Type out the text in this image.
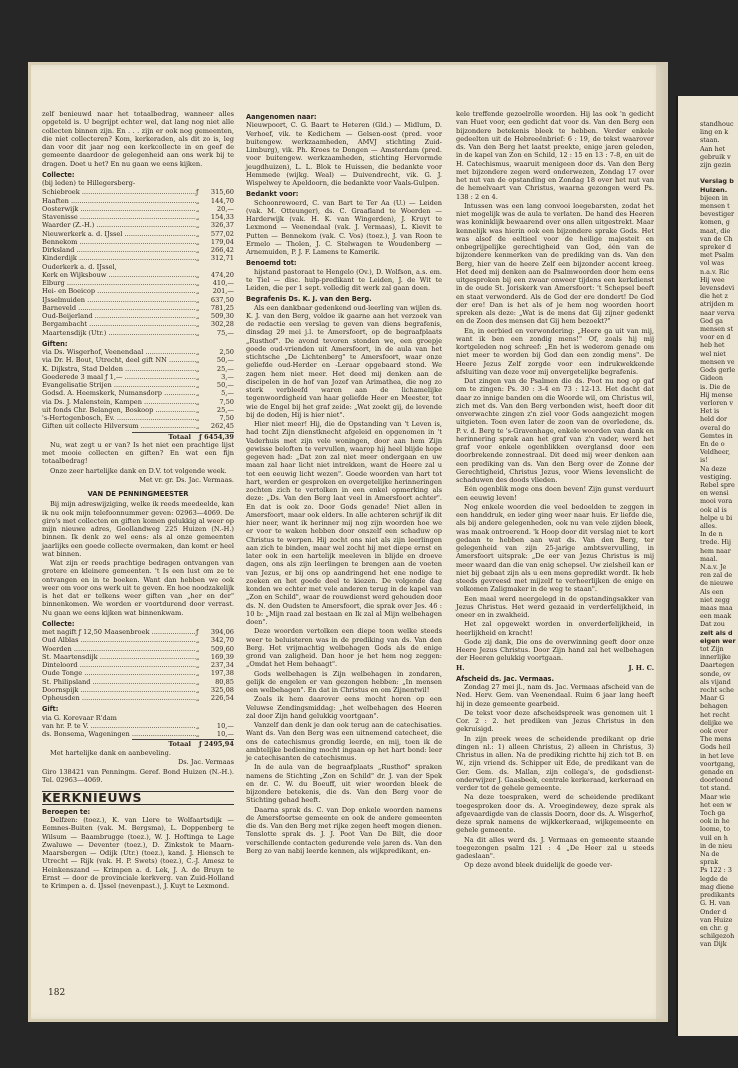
zelf benieuwd naar het totaalbedrag, wanneer alles opgeteld is. U begrijpt echter wel, dat lang nog niet alle collecten binnen zijn. En . . . zijn er ook nog gemeenten, die niet collecteren? Kom, kerkeraden, als dit zo is, leg dan voor dit jaar nog een kerkcollecte in en geef de gemeente daardoor de gelegenheid aan ons werk bij te dragen. Doet u het? En nu gaan we eens kijken.

Collecte:

(bij leden) te Hillegersberg-

Schiebroek .....	ƒ	315,60
Haaften .....	„	144,70
Oosterwijk .....	„	20,—
Stavenisse .....	„	154,33
Waarder (Z.-H.) .....	„	326,37
Nieuwerkerk a. d. IJssel .....	„	577,02
Bennekom .....	„	179,04
Dirksland .....	„	266,42
Kinderdijk .....	„	312,71
Ouderkerk a. d. IJssel,
Kerk en Wijksbouw .....	„	474,20
Elburg .....	„	410,—
Hei- en Boeicop .....	„	201,—
IJsselmuiden .....	„	637,50
Barneveld .....	„	781,25
Oud-Beijerland .....	„	509,30
Bergambacht .....	„	302,28
Maartensdijk (Utr.) .....	„	75,—
Giften:
via Ds. Wisgerhof, Veenendaal .....	„	2,50
via Dr. H. Bout, Utrecht, deel gift NN .....	„	50,—
K. Dijkstra, Stad Delden .....	„	25,—
Goederede 3 maal ƒ 1,— .....	„	3,—
Evangelisatie Strijen .....	„	50,—
Godsd. A. Heemskerk, Numansdorp .....	„	5,—
via Ds. J. Malenstein, Kampen .....	„	7,50
uit fonds Chr. Belangen, Boskoop .....	„	25,—
's-Hertogenbosch, Ev. .....	„	7,50
Giften uit collecte Hilversum .....	„	262,45
Totaal ƒ 6454,39

Nu, wat zegt u er van? Is het niet een prachtige lijst met mooie collecten en giften? En wat een fijn totaalbedrag!

Onze zeer hartelijke dank en D.V. tot volgende week.

Met vr. gr. Ds. Jac. Vermaas.

VAN DE PENNINGMEESTER

Bij mijn adreswijziging, welke ik reeds meedeelde, kan ik nu ook mijn telefoonnummer geven: 02963—4069. De giro's met collecten en giften komen gelukkig al weer op mijn nieuwe adres, Goollandweg 225 Huizen (N.-H.) binnen. Ik denk zo wel eens: als al onze gemeenten jaarlijks een goede collecte overmaken, dan komt er heel wat binnen.

Wat zijn er reeds prachtige bedragen ontvangen van grotere en kleinere gemeenten. 't Is een lust om ze te ontvangen en in te boeken. Want dan hebben we ook weer om voor ons werk uit te geven. En hoe noodzakelijk is het dat er telkens weer giften van „her en der" binnenkomen. We worden er voortdurend door verrast. Nu gaan we eens kijken wat binnenkwam.

Collecte:
met nagift ƒ 12,50 Maasenbroek .....	ƒ	394,06
Oud Alblas .....	„	342,70
Woerden .....	„	509,60
St. Maartensdijk .....	„	169,39
Dinteloord .....	„	237,34
Oude Tonge .....	„	197,38
St. Philipsland .....	„	80,85
Doornspijk .....	„	325,08
Opheusden .....	„	226,54
Gift:
via G. Korevaar R'dam
van hr. P. te V. .....	„	10,—
ds. Bonsema, Wageningen .....	„	10,—
Totaal ƒ 2495,94

Met hartelijke dank en aanbeveling.

Ds. Jac. Vermaas

Giro 138421 van Penningm. Geref. Bond Huizen (N.-H.). Tel. 02963—4069.

KERKNIEUWS
Beroepen te:

Delfzen: (toez.), K. van Llere te Wolfaartsdijk — Eemnes-Buiten (vak. M. Bergsma), L. Doppenberg te Wilsum — Baambrugge (toez.), W. J. Hoftinga te Lage Zwaluwe — Deventer (toez.), D. Zinkstok te Maarn-Maarsbergen — Odijk (Utr.) (toez.), kand. J. Hiensch te Utrecht — Rijk (vak. H. P. Swets) (toez.), C.-J. Amesz te Heinkenszand — Krimpen a. d. Lek, J. A. de Bruyn te Ernst — door de provinciale kerkverg. van Zuid-Holland te Krimpen a. d. IJssel (nevenpast.), J. Kuyt te Lexmond.

Aangenomen naar:

Nieuwpoort, C. G. Baart te Heteren (Gld.) — Midlum, D. Verhoef, vik. te Kedichem — Gelsen-oost (pred. voor buitengew. werkzaamheden, AMVJ stichting Zuid-Limburg), vik. Ph. Kroes te Dongen — Amsterdam (pred. voor buitengew. werkzaamheden, stichting Hervormde jeugdhuizen), L. L. Blok te Huissen, die bedankte voor Hemmede (wijkg. Weal) — Duivendrecht, vik. G. J. Wispelwey te Apeldoorn, die bedankte voor Vaals-Gulpen.

Bedankt voor:

Schoonrewoerd, C. van Bart te Ter Aa (U.) — Leiden (vak. M. Otteunger), ds. C. Graafland te Woerden — Harderwijk (vak. H. K. van Wingerden), J. Kruyt te Lexmond — Veenendaal (vak. J. Vermaas), L. Kievit te Putten — Bennekom (vak. C. Vos) (toez.), J. van Roon te Ermelo — Tholen, J. C. Stelwagen te Woudenberg — Arnemuiden, P. J. F. Lamens te Kamerik.

Benoemd tot:

hijstand pastoraat te Hengelo (Ov.), D. Wolfson, a.s. em. te Tiel — disc. hulp-predikant te Leiden, J. de Wit te Leiden, die per 1 sept. volledig dit werk zal gaan doen.

Begrafenis Ds. K. J. van den Berg.

Als een dankbaar gedenkend oud-leerling van wijlen ds. K. J. van den Berg, voldoe ik gaarne aan het verzoek van de redactie een verslag te geven van diens begrafenis, dinsdag 29 mei j.l. te Amersfoort, op de begraafplaats „Rusthof". De avond tevoren stonden we, een groepje goede oud-vrienden uit Amersfoort, in de aula van het stichtsche „De Lichtenberg" te Amersfoort, waar onze geliefde oud-Herder en -Leraar opgebaard stond. We zagen hem niet meer. Het deed mij denken aan de discipelen in de hof van Jozef van Arimathea, die nog zo sterk verbleefd waren aan de lichamelijke tegenwoordigheid van haar geliefde Heer en Meester, tot wie de Engel bij het graf zeide: „Wat zoekt gij, de levende bij de doden, Hij is hier niet".

Hier niet meer! Hij, die de Opstanding van 't Leven is, had tocht Zijn dienstknecht afgeleid en opgenomen in 't Vaderhuis met zijn vele woningen, door aan hem Zijn gewisse beloften te vervullen, waarop hij heel blijde hope gegeven had: „Dat zon zal niet meer ondergaan en uw maan zal haar licht niet intrekken, want de Heere zal u tot een eeuwig licht wezen". Goede woorden van hart tot hart, werden er gesproken en overgetelijke herinneringen zochten zich te vertolken in een enkel opmerking als deze: „Ds. Van den Berg laat veel in Amersfoort achter". En dat is ook zo. Door Gods genade! Niet allen in Amersfoort, maar ook elders. In alle achteren schrijf ik dit hier neer, want ik herinner mij nog zijn woorden hoe we er voor te waken hebben door onszelf een schaduw op Christus te werpen. Hij zocht ons niet als zijn leerlingen aan zich te binden, maar wel zocht hij met diepe ernst en later ook in een hartelijk meeleven in blijde en droeve dagen, ons als zijn leerlingen te brengen aan de voeten van Jezus, er bij ons op aandringend het ene nodige te zoeken en het goede deel te kiezen. De volgende dag konden we echter met vele anderen terug in de kapel van „Zon en Schild", waar de rouwdienst werd gehouden door ds. N. den Oudsten te Amersfoort, die sprak over Jes. 46 : 10 b: „Mijn raad zal bestaan en Ik zal al Mijn welbehagen doen".

Deze woorden vertolken een diepe toon welke steeds weer te beluisteren was in de prediking van ds. Van den Berg. Het vrijmachtig welbehagen Gods als de enige grond van zaligheid. Dan hoor je het hem nog zeggen: „Omdat het Hem behaagt".

Gods welbehagen is Zijn welbehagen in zondaren, gelijk de engelen er van gezongen hebben: „In mensen een welbehagen". En dat in Christus en om Zijnentwil!

Zoals ik hem daarover eens mocht horen op een Veluwse Zendingsmiddag: „het welbehagen des Heeren zal door Zijn hand gelukkig voortgaan".

Vanzelf dan denk je dan ook terug aan de catechisaties. Want ds. Van den Berg was een uitnemend catecheet, die ons de catechismus grondig leerde, en mij, toen ik de ambtelijke bediening mocht ingaan op het hart bond: leer je catechisanten de catechismus.

In de aula van de begraafplaats „Rusthof" spraken namens de Stichting „Zon en Schild" dr. J. van der Spek en dr. C. W. du Boeuff, uit wier woorden bleek de bijzondere betekenis, die ds. Van den Berg voor de Stichting gehad heeft.

Daarna sprak ds. C. van Dop enkele woorden namens de Amersfoortse gemeente en ook de andere gemeenten die ds. Van den Berg met rijke zegen heeft mogen dienen. Tenslotte sprak ds. J. J. Poot Van De Bilt, die door verschillende contacten gedurende vele jaren ds. Van den Berg zo van nabij leerde kennen, als wijkpredikant, en-

kele treffende gezoelrolle woorden. Hij las ook 'n gedicht van Huet voor, een gedicht dat voor ds. Van den Berg een bijzondere betekenis bleek te hebben. Verder enkele gedeelten uit de Hebreeënbrief: 6 : 19, de tekst waarover ds. Van den Berg het laatst preekte, enige jaren geleden, in de kapel van Zon en Schild, 12 : 15 en 13 : 7-8, en uit de H. Catechismus, waaruit menigeen door ds. Van den Berg met bijzondere zegen werd onderwezen, Zondag 17 over het nut van de opstanding en Zondag 18 over het nut van de hemelvaart van Christus, waarna gezongen werd Ps. 138 : 2 en 4.

Intussen was een lang convooi loegebarsten, zodat het niet mogelijk was de aula te verlaten. De hand des Heeren was koninklijk bewaarend over ons allen uitgestrekt. Maar kennelijk was hierin ook een bijzondere sprake Gods. Het was alsof de eeltieel voor de heilige majesteit en onbegrijpelijke gerechtigheid van God, één van de bijzondere kenmerken van de prediking van ds. Van den Berg, hier van de heere Zelf een bijzonder accent kreeg. Het deed mij denken aan de Psalmwoorden door hem eens uitgesproken bij een zwaar onweer tijdens een kerkdienst in de oude St. Joriskerk van Amersfoort: 't Schepsel beeft en staat verwonderd. Als de God der ere dondert! De God der ere! Dan is het als of je hem nog woorden hoort spreken als deze: „Wat is de mens dat Gij zijner gedenkt en de Zoon des mensen dat Gij hem bezoekt?"

En, in eerbied en verwondering: „Heere ga uit van mij, want ik ben een zondig mens!" Of, zoals hij mij kortgeleden nog schreef: „En het is wederom genade om niet meer te worden bij God dan een zondig mens". De Heere Jezus Zelf zorgde voor een indrukwekkende afsluiting van deze voor mij onvergetelijke begrafenis.

Dat zingen van de Psalmen die ds. Poot nu nog op gaf om te zingen: Ps. 30 : 3-4 en 73 : 12-13. Het dacht dat daar zo innige banden om die Woorde wil, om Christus wil, zich met ds. Van den Berg verbonden wist, heeft door dit onverwachte zingen z'n ziel voor Gods aangezicht mogen uitgieten. Toen even later de zoon van de overledene, ds. P. v. d. Berg te 's-Gravenhage, enkele woorden van dank en herinnering sprak aan het graf van z'n vader, werd het graf voor enkele ogenblikken overglansd door een doorbrekende zonnestraal. Dit deed mij weer denken aan een prediking van ds. Van den Berg over de Zonne der Gerechtigheid, Christus Jezus, voor Wiens levenslicht de schaduwen des doods vlieden.

Eén ogenblik moge ons doen beven! Zijn gunst verduurt een eeuwig leven!

Nog enkele woorden die veel bedoelden te zeggen in een handdruk, en ieder ging weer naar huis. Er liefde die, als bij andere gelegenheden, ook nu van vele zijden bleek, was maak ontroerend. 'k Hoop door dit verslag niet te kort gedaan te hebben aan wat ds. Van den Berg, ter gelegenheid van zijn 25-jarige ambtsvervulling, in Amersfoort uitsprak: „De eer van Jezus Christus is mij meer waard dan die van enig schepsel. Uw zielsheil kan er niet bij gebaat zijn als u een mens gepredikt wordt. Ik heb steeds gevreesd met mijzelf te verheerlijken de enige en volkomen Zaligmaker in de weg te staan".

Een maal werd neergelegd in de opstandingsakker van Jezus Christus. Het werd gezaaid in verderfelijkheid, in oneer en in zwakheid.

Het zal opgewekt worden in onverderfelijkheid, in heerlijkheid en kracht!

Gode zij dank, Die ons de overwinning geeft door onze Heere Jezus Christus. Door Zijn hand zal het welbehagen der Heeren gelukkig voortgaan.

H.	J. H. C.
Afscheid ds. Jac. Vermaas.

Zondag 27 mei jl., nam ds. Jac. Vermaas afscheid van de Ned. Herv. Gem. van Veenendaal. Ruim 6 jaar lang heeft hij in deze gemeente gearbeid.

De tekst voor deze afscheidspreek was genomen uit 1 Cor. 2 : 2. het prediken van Jezus Christus in den gekruisigd.

In zijn preek wees de scheidende predikant op drie dingen nl.: 1) alleen Christus, 2) alleen in Christus, 3) Christus in allen. Na de prediking richtte hij zich tot B. en W., zijn vriend ds. Schipper uit Ede, de predikant van de Ger. Gem. ds. Mallan, zijn collega's, de godsdienst-onderwijzer J. Gaasbeek, centrale kerkeraad, kerkeraad en verder tot de gehele gemeente.

Na deze toespraken, werd de scheidende predikant toegesproken door ds. A. Vroegindewey, deze sprak als afgevaardigde van de classis Doorn, door ds. A. Wisgerhof, deze sprak namens de wijkkerkeraad, wijkgemeente en gehele gemeente.

Na dit alles werd ds. J. Vermaas en gemeente staande toegezongen psalm 121 : 4 „De Heer zal u steeds gadeslaan".

Op deze avond bleek duidelijk de goede ver-

182
standhouc
ling en k
staan.
Aan het
gebruik v
zijn gezin

Verslag b
Huizen.
bijeen in
mensen t
bevestiger
komen, g
maat, die
van de Ch
spreker d
met Psalm
vol was
n.a.v. Ric
Hij wee
levensdevi
die het z
atrijden m
naar verva
God ga
mensen st
voor en d
heb het
wel niet
mensen ve
Gods gerle
Gideon
is. Die de
Hij mense
verloren v
Het is
held dor
overal do
Gemtes in
En de o
Veldheer,
is!
Na deze
vestiging.
Rebel spre
en wensi
mooi vora
ook al is
helpe u bi
alles.
In de n
trede. Hij
hem naar
maal.
N.a.v. Je
ren zal de
de nieuwe
Als een
niet zegg
maas maa
een maak
Dat zou
zelt als d
eigen wer
tot Zijn
innerlijke
Daartegen
sonde, ov
als vijand
recht sche
Maar G
behagen
het recht
delijke we
ook over
The mens
Gods heil
in het leve
voortgang,
genade en
doorloond
tot stand.
Maar wie
het een w
Toch ga
ook in he
loome, to
vuil en h
in de nieu
Na de
sprak
Ps 122 : 3
legde de
mag diene
predikants
G. H. van
Onder d
van Huize
en chr. g
schilgezoh
van Dijk
